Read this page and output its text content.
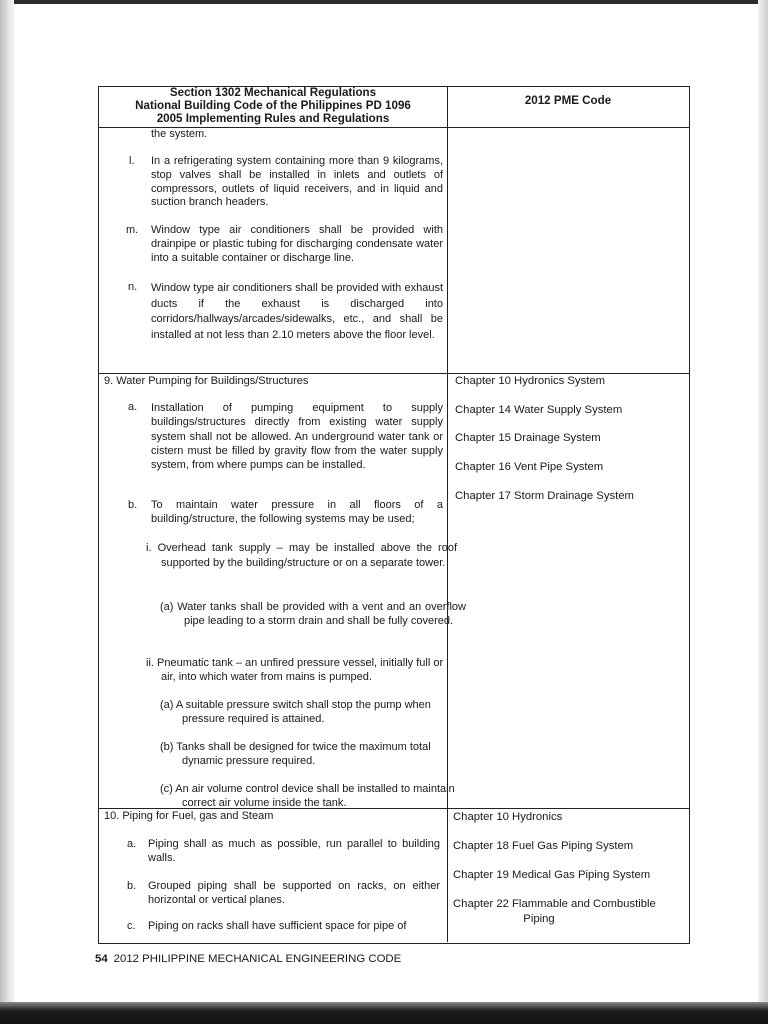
Section 1302 Mechanical Regulations
National Building Code of the Philippines PD 1096
2005 Implementing Rules and Regulations
2012 PME Code
the system.
l. In a refrigerating system containing more than 9 kilograms, stop valves shall be installed in inlets and outlets of compressors, outlets of liquid receivers, and in liquid and suction branch headers.
m. Window type air conditioners shall be provided with drainpipe or plastic tubing for discharging condensate water into a suitable container or discharge line.
n. Window type air conditioners shall be provided with exhaust ducts if the exhaust is discharged into corridors/hallways/arcades/sidewalks, etc., and shall be installed at not less than 2.10 meters above the floor level.
9. Water Pumping for Buildings/Structures
a. Installation of pumping equipment to supply buildings/structures directly from existing water supply system shall not be allowed. An underground water tank or cistern must be filled by gravity flow from the water supply system, from where pumps can be installed.
b. To maintain water pressure in all floors of a building/structure, the following systems may be used;
i. Overhead tank supply – may be installed above the roof supported by the building/structure or on a separate tower.
(a) Water tanks shall be provided with a vent and an overflow pipe leading to a storm drain and shall be fully covered.
ii. Pneumatic tank – an unfired pressure vessel, initially full or air, into which water from mains is pumped.
(a) A suitable pressure switch shall stop the pump when pressure required is attained.
(b) Tanks shall be designed for twice the maximum total dynamic pressure required.
(c) An air volume control device shall be installed to maintain correct air volume inside the tank.
10. Piping for Fuel, gas and Steam
a. Piping shall as much as possible, run parallel to building walls.
b. Grouped piping shall be supported on racks, on either horizontal or vertical planes.
c. Piping on racks shall have sufficient space for pipe of
Chapter 10 Hydronics System
Chapter 14 Water Supply System
Chapter 15 Drainage System
Chapter 16 Vent Pipe System
Chapter 17 Storm Drainage System
Chapter 10 Hydronics
Chapter 18 Fuel Gas Piping System
Chapter 19 Medical Gas Piping System
Chapter 22 Flammable and Combustible
Piping
54 2012 PHILIPPINE MECHANICAL ENGINEERING CODE
